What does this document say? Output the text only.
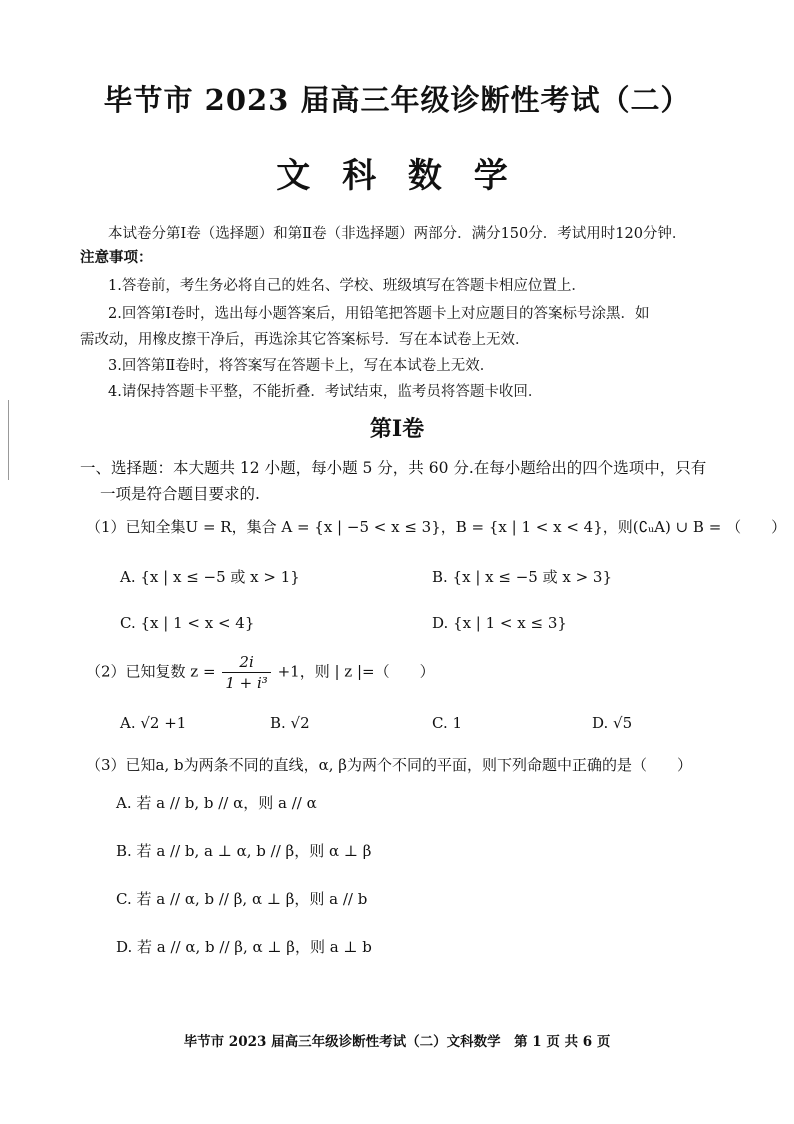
毕节市 2023 届高三年级诊断性考试（二）
文 科 数 学
本试卷分第Ⅰ卷（选择题）和第Ⅱ卷（非选择题）两部分．满分150分．考试用时120分钟．
注意事项：
1.答卷前，考生务必将自己的姓名、学校、班级填写在答题卡相应位置上．
2.回答第Ⅰ卷时，选出每小题答案后，用铅笔把答题卡上对应题目的答案标号涂黑．如
需改动，用橡皮擦干净后，再选涂其它答案标号．写在本试卷上无效．
3.回答第Ⅱ卷时，将答案写在答题卡上，写在本试卷上无效．
4.请保持答题卡平整，不能折叠．考试结束，监考员将答题卡收回．
第Ⅰ卷
一、选择题：本大题共 12 小题，每小题 5 分，共 60 分.在每小题给出的四个选项中，只有
一项是符合题目要求的.
（1）已知全集U = R，集合 A = {x | −5 < x ≤ 3}，B = {x | 1 < x < 4}，则(∁ᵤA) ∪ B = （　　）
A. {x | x ≤ −5 或 x > 1}	B. {x | x ≤ −5 或 x > 3}
C. {x | 1 < x < 4}	D. {x | 1 < x ≤ 3}
（2）已知复数 $z = \frac{2i}{\text{1 + i³}} +1$，则 | z |=（　　）
A. √2 +1	B. √2	C. 1	D. √5
（3）已知a, b为两条不同的直线，α, β为两个不同的平面，则下列命题中正确的是（　　）
A. 若 a // b, b // α，则 a // α
B. 若 a // b, a ⊥ α, b // β，则 α ⊥ β
C. 若 a // α, b // β, α ⊥ β，则 a // b
D. 若 a // α, b // β, α ⊥ β，则 a ⊥ b
毕节市 2023 届高三年级诊断性考试（二）文科数学　第 1 页 共 6 页
